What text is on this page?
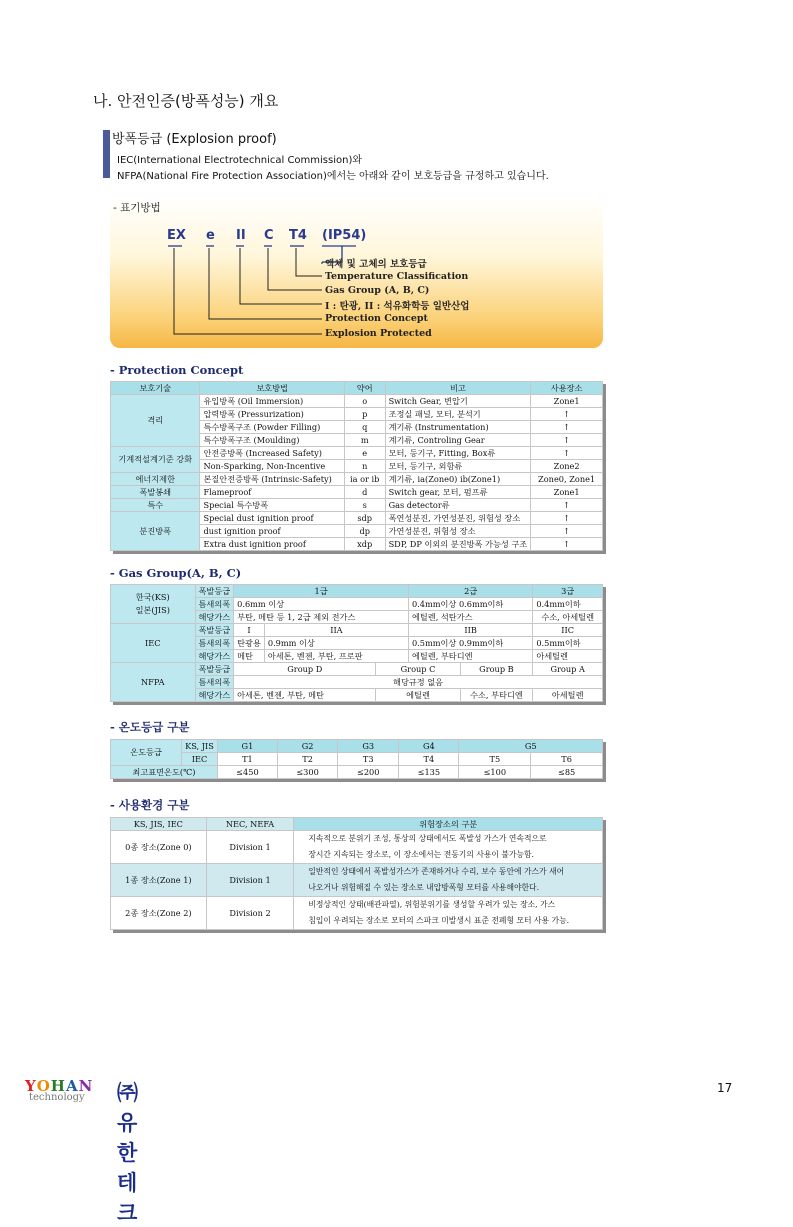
나. 안전인증(방폭성능) 개요
방폭등급 (Explosion proof)
IEC(International Electrotechnical Commission)와
NFPA(National Fire Protection Association)에서는 아래와 같이 보호등급을 규정하고 있습니다.
- 표기방법
EX e II C T4 (IP54)
액체 및 고체의 보호등급
Temperature Classification
Gas Group (A, B, C)
I : 탄광, II : 석유화학등 일반산업
Protection Concept
Explosion Protected
- Protection Concept
보호기술	보호방법	약어	비고	사용장소
격리	유입방폭 (Oil Immersion)	o	Switch Gear, 변압기	Zone1
	압력방폭 (Pressurization)	p	조정실 패널, 모터, 분석기	↑
	특수방폭구조 (Powder Filling)	q	계기류 (Instrumentation)	↑
	특수방폭구조 (Moulding)	m	계기류, Controling Gear	↑
기계적설계기준 강화	안전증방폭 (Increased Safety)	e	모터, 등기구, Fitting, Box류	↑
	Non-Sparking, Non-Incentive	n	모터, 등기구, 외함류	Zone2
에너지제한	본질안전증방폭 (Intrinsic-Safety)	ia or ib	계기류, ia(Zone0) ib(Zone1)	Zone0, Zone1
폭발봉쇄	Flameproof	d	Switch gear, 모터, 펌프류	Zone1
특수	Special 특수방폭	s	Gas detector류	↑
분진방폭	Special dust ignition proof	sdp	폭연성분진, 가연성분진, 위험성 장소	↑
	dust ignition proof	dp	가연성분진, 위험성 장소	↑
	Extra dust ignition proof	xdp	SDP, DP 이외의 분진방폭 가능성 구조	↑
- Gas Group(A, B, C)
한국(KS)
일본(JIS)	폭발등급	1급			2급		3급
	틈새의폭	0.6mm 이상			0.4mm이상 0.6mm이하		0.4mm이하
	해당가스	부탄, 메탄 등 1, 2급 제외 전가스			에틸렌, 석탄가스		수소, 아세틸렌
IEC	폭발등급	I	IIA		IIB		IIC
	틈새의폭	탄광용	0.9mm 이상		0.5mm이상 0.9mm이하		0.5mm이하
	해당가스	메탄	아세톤, 벤젠, 부탄, 프로판		에틸렌, 부타디엔		아세틸렌
NFPA	폭발등급	Group D		Group C		Group B	Group A
	틈새의폭	해당규정 없음					
	해당가스	아세톤, 벤젠, 부탄, 메탄		에틸렌		수소, 부타디엔	아세틸렌
- 온도등급 구분
온도등급	KS, JIS	G1	G2	G3	G4	G5	
	IEC	T1	T2	T3	T4	T5	T6
최고표면온도(℃)		≤450	≤300	≤200	≤135	≤100	≤85
- 사용환경 구분
KS, JIS, IEC	NEC, NEFA	위험장소의 구분
0종 장소(Zone 0)	Division 1	지속적으로 분위기 조성, 통상의 상태에서도 폭발성 가스가 연속적으로
장시간 지속되는 장소로, 이 장소에서는 전동기의 사용이 불가능함.
1종 장소(Zone 1)	Division 1	일반적인 상태에서 폭발성가스가 존재하거나 수리, 보수 동안에 가스가 새어
나오거나 위험해질 수 있는 장소로 내압방폭형 모터를 사용해야한다.
2종 장소(Zone 2)	Division 2	비정상적인 상태(배관파열), 위험분위기를 생성할 우려가 있는 장소, 가스
침입이 우려되는 장소로 모터의 스파크 미발생시 표준 전폐형 모터 사용 가능.
YOHAN
technology ㈜유한테크
17
